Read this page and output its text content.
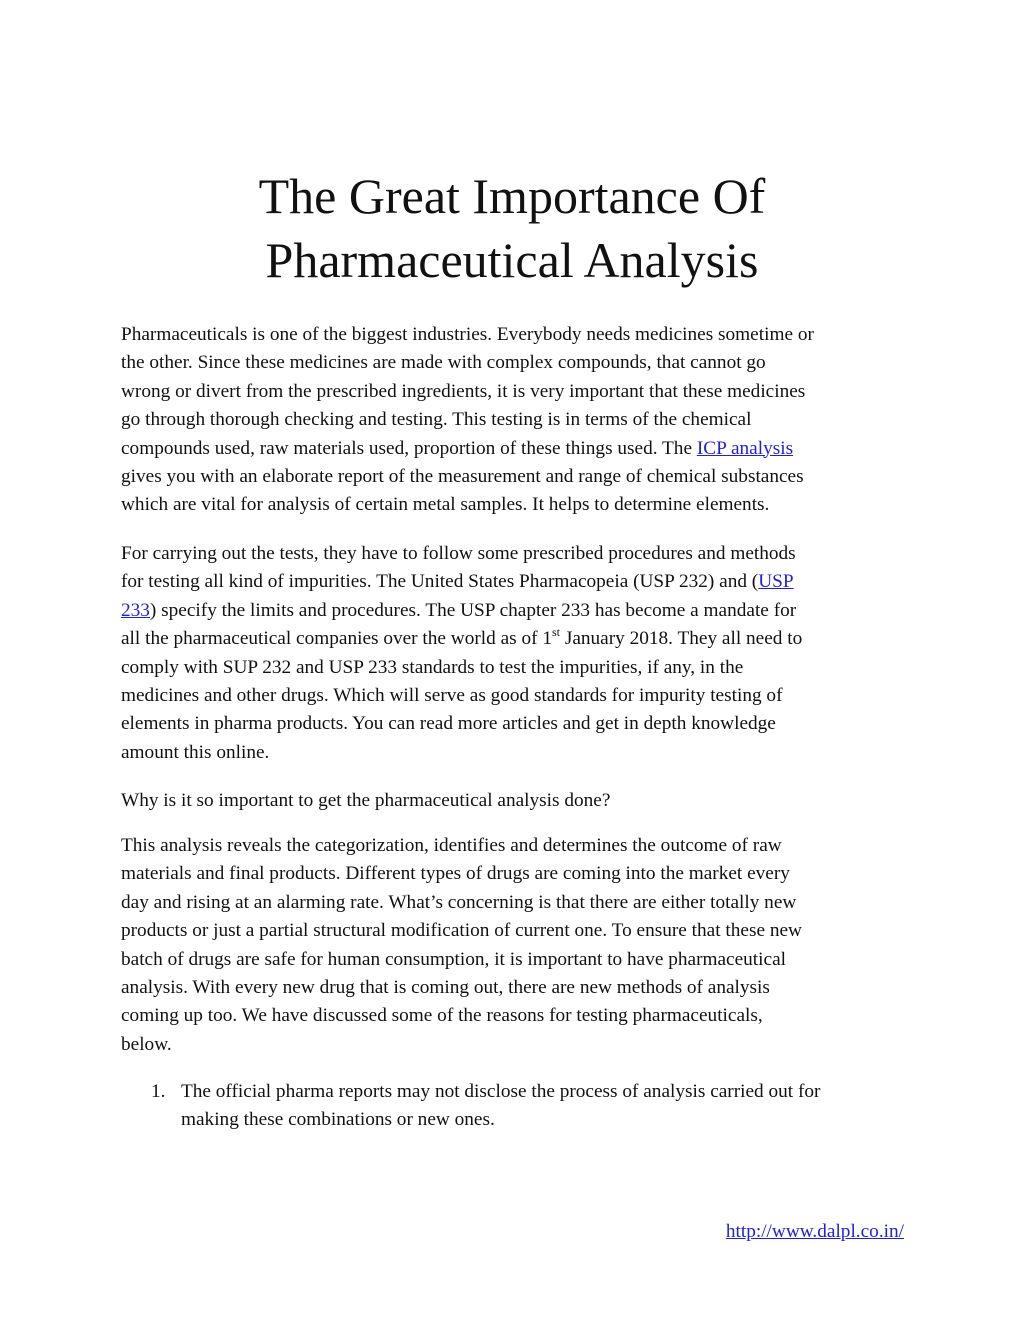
The Great Importance Of
Pharmaceutical Analysis

Pharmaceuticals is one of the biggest industries. Everybody needs medicines sometime or
the other. Since these medicines are made with complex compounds, that cannot go
wrong or divert from the prescribed ingredients, it is very important that these medicines
go through thorough checking and testing. This testing is in terms of the chemical
compounds used, raw materials used, proportion of these things used. The ICP analysis
gives you with an elaborate report of the measurement and range of chemical substances
which are vital for analysis of certain metal samples. It helps to determine elements.

For carrying out the tests, they have to follow some prescribed procedures and methods
for testing all kind of impurities. The United States Pharmacopeia (USP 232) and (USP
233) specify the limits and procedures. The USP chapter 233 has become a mandate for
all the pharmaceutical companies over the world as of 1st January 2018. They all need to
comply with SUP 232 and USP 233 standards to test the impurities, if any, in the
medicines and other drugs. Which will serve as good standards for impurity testing of
elements in pharma products. You can read more articles and get in depth knowledge
amount this online.

Why is it so important to get the pharmaceutical analysis done?

This analysis reveals the categorization, identifies and determines the outcome of raw
materials and final products. Different types of drugs are coming into the market every
day and rising at an alarming rate. What’s concerning is that there are either totally new
products or just a partial structural modification of current one. To ensure that these new
batch of drugs are safe for human consumption, it is important to have pharmaceutical
analysis. With every new drug that is coming out, there are new methods of analysis
coming up too. We have discussed some of the reasons for testing pharmaceuticals,
below.

1. The official pharma reports may not disclose the process of analysis carried out for
making these combinations or new ones.
http://www.dalpl.co.in/
